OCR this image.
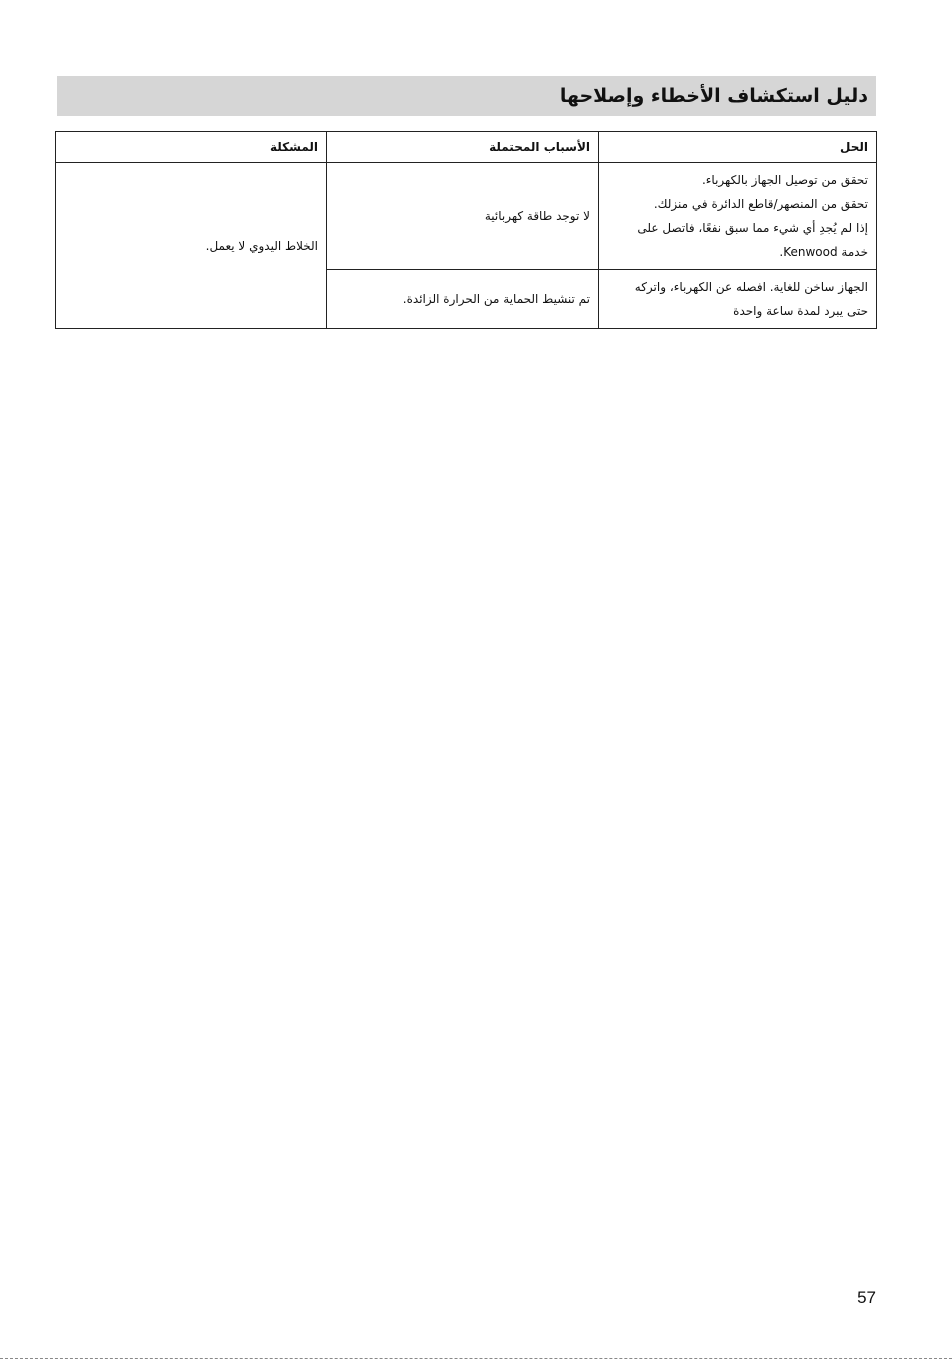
دليل استكشاف الأخطاء وإصلاحها
الحل	الأسباب المحتملة	المشكلة

تحقق من توصيل الجهاز بالكهرباء.
تحقق من المنصهر/قاطع الدائرة في منزلك.
إذا لم يُجدِ أي شيء مما سبق نفعًا، فاتصل على
خدمة Kenwood.	لا توجد طاقة كهربائية	الخلاط اليدوي لا يعمل.

الجهاز ساخن للغاية. افصله عن الكهرباء، واتركه
حتى يبرد لمدة ساعة واحدة	تم تنشيط الحماية من الحرارة الزائدة.	
57
